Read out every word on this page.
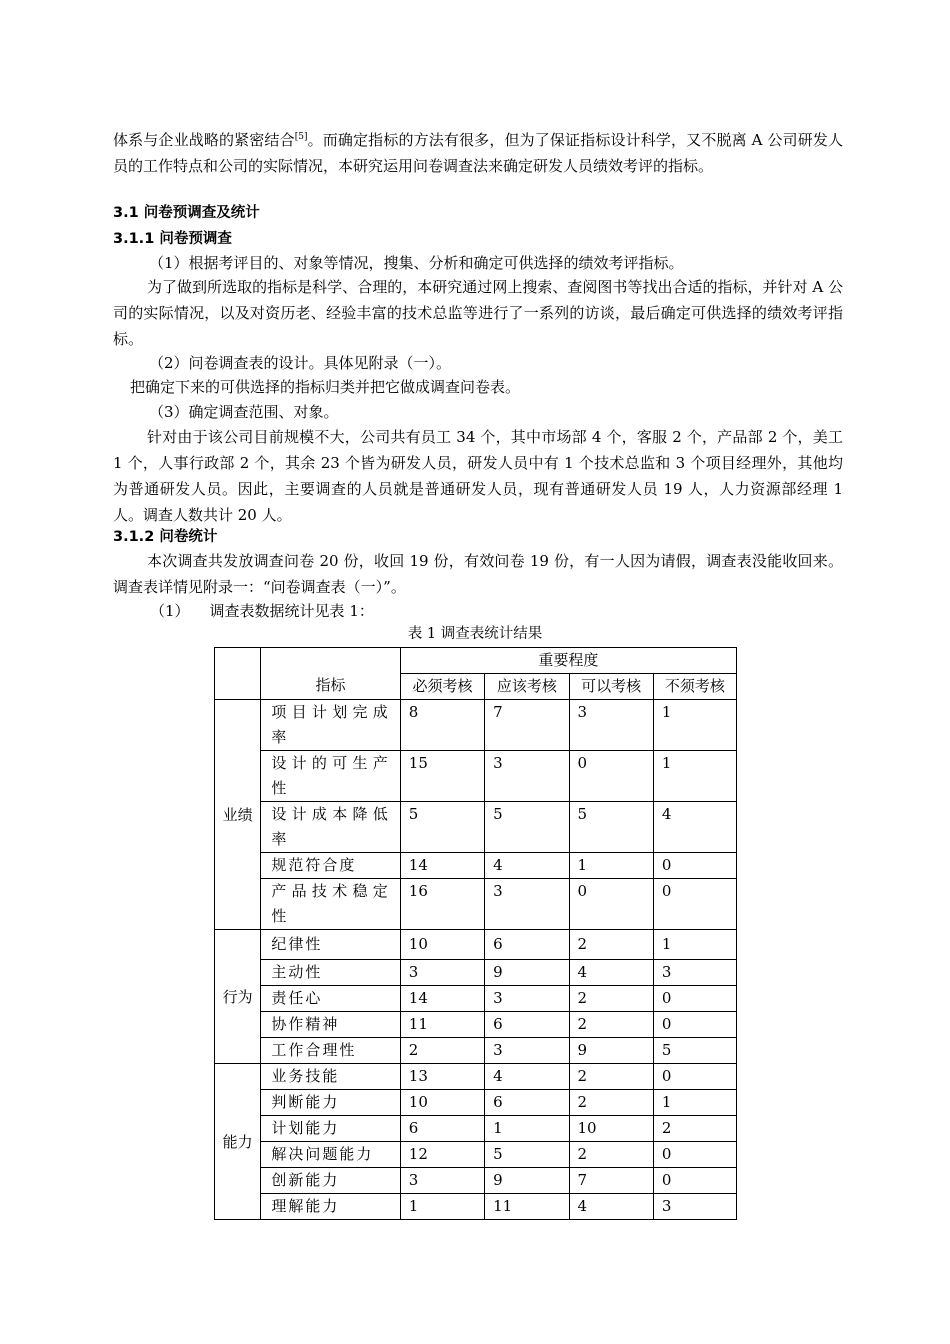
体系与企业战略的紧密结合[5]。而确定指标的方法有很多，但为了保证指标设计科学，又不脱离 A 公司研发人员的工作特点和公司的实际情况，本研究运用问卷调查法来确定研发人员绩效考评的指标。

3.1 问卷预调查及统计
3.1.1 问卷预调查

（1）根据考评目的、对象等情况，搜集、分析和确定可供选择的绩效考评指标。

为了做到所选取的指标是科学、合理的，本研究通过网上搜索、查阅图书等找出合适的指标，并针对 A 公司的实际情况，以及对资历老、经验丰富的技术总监等进行了一系列的访谈，最后确定可供选择的绩效考评指标。

（2）问卷调查表的设计。具体见附录（一）。

把确定下来的可供选择的指标归类并把它做成调查问卷表。

（3）确定调查范围、对象。

针对由于该公司目前规模不大，公司共有员工 34 个，其中市场部 4 个，客服 2 个，产品部 2 个，美工 1 个，人事行政部 2 个，其余 23 个皆为研发人员，研发人员中有 1 个技术总监和 3 个项目经理外，其他均为普通研发人员。因此，主要调查的人员就是普通研发人员，现有普通研发人员 19 人，人力资源部经理 1 人。调查人数共计 20 人。

3.1.2 问卷统计

本次调查共发放调查问卷 20 份，收回 19 份，有效问卷 19 份，有一人因为请假，调查表没能收回来。调查表详情见附录一：“问卷调查表（一）”。

（1） 调查表数据统计见表 1：

表 1 调查表统计结果
	指标	重要程度			
		必须考核	应该考核	可以考核	不须考核
业绩	项目计划完成率	8	7	3	1
	设计的可生产性	15	3	0	1
	设计成本降低率	5	5	5	4
	规范符合度	14	4	1	0
	产品技术稳定性	16	3	0	0
行为	纪律性	10	6	2	1
	主动性	3	9	4	3
	责任心	14	3	2	0
	协作精神	11	6	2	0
	工作合理性	2	3	9	5
能力	业务技能	13	4	2	0
	判断能力	10	6	2	1
	计划能力	6	1	10	2
	解决问题能力	12	5	2	0
	创新能力	3	9	7	0
	理解能力	1	11	4	3
